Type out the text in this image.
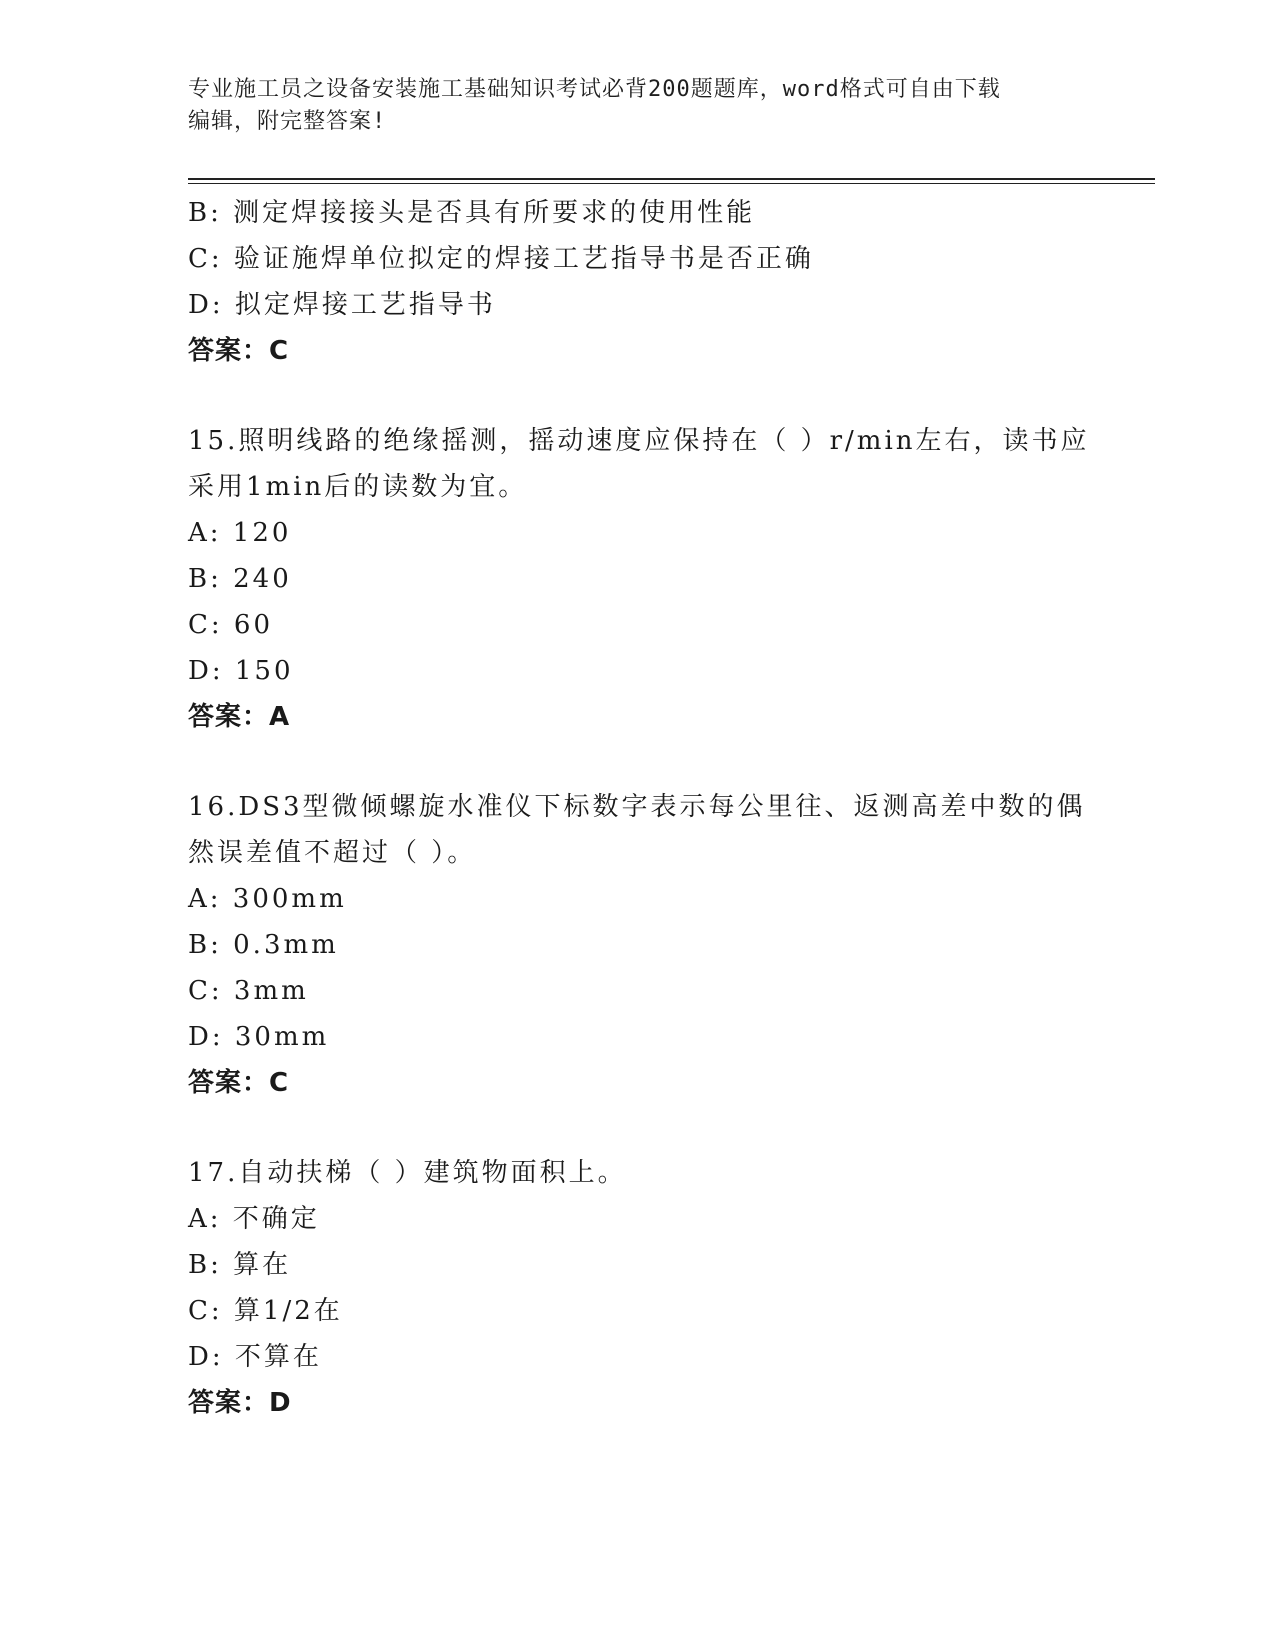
专业施工员之设备安装施工基础知识考试必背200题题库，word格式可自由下载
编辑，附完整答案!
B: 测定焊接接头是否具有所要求的使用性能
C: 验证施焊单位拟定的焊接工艺指导书是否正确
D: 拟定焊接工艺指导书
答案：C
15.照明线路的绝缘摇测，摇动速度应保持在（ ）r/min左右，读书应
采用1min后的读数为宜。
A: 120
B: 240
C: 60
D: 150
答案：A
16.DS3型微倾螺旋水准仪下标数字表示每公里往、返测高差中数的偶
然误差值不超过（ ）。
A: 300mm
B: 0.3mm
C: 3mm
D: 30mm
答案：C
17.自动扶梯（ ）建筑物面积上。
A: 不确定
B: 算在
C: 算1/2在
D: 不算在
答案：D
